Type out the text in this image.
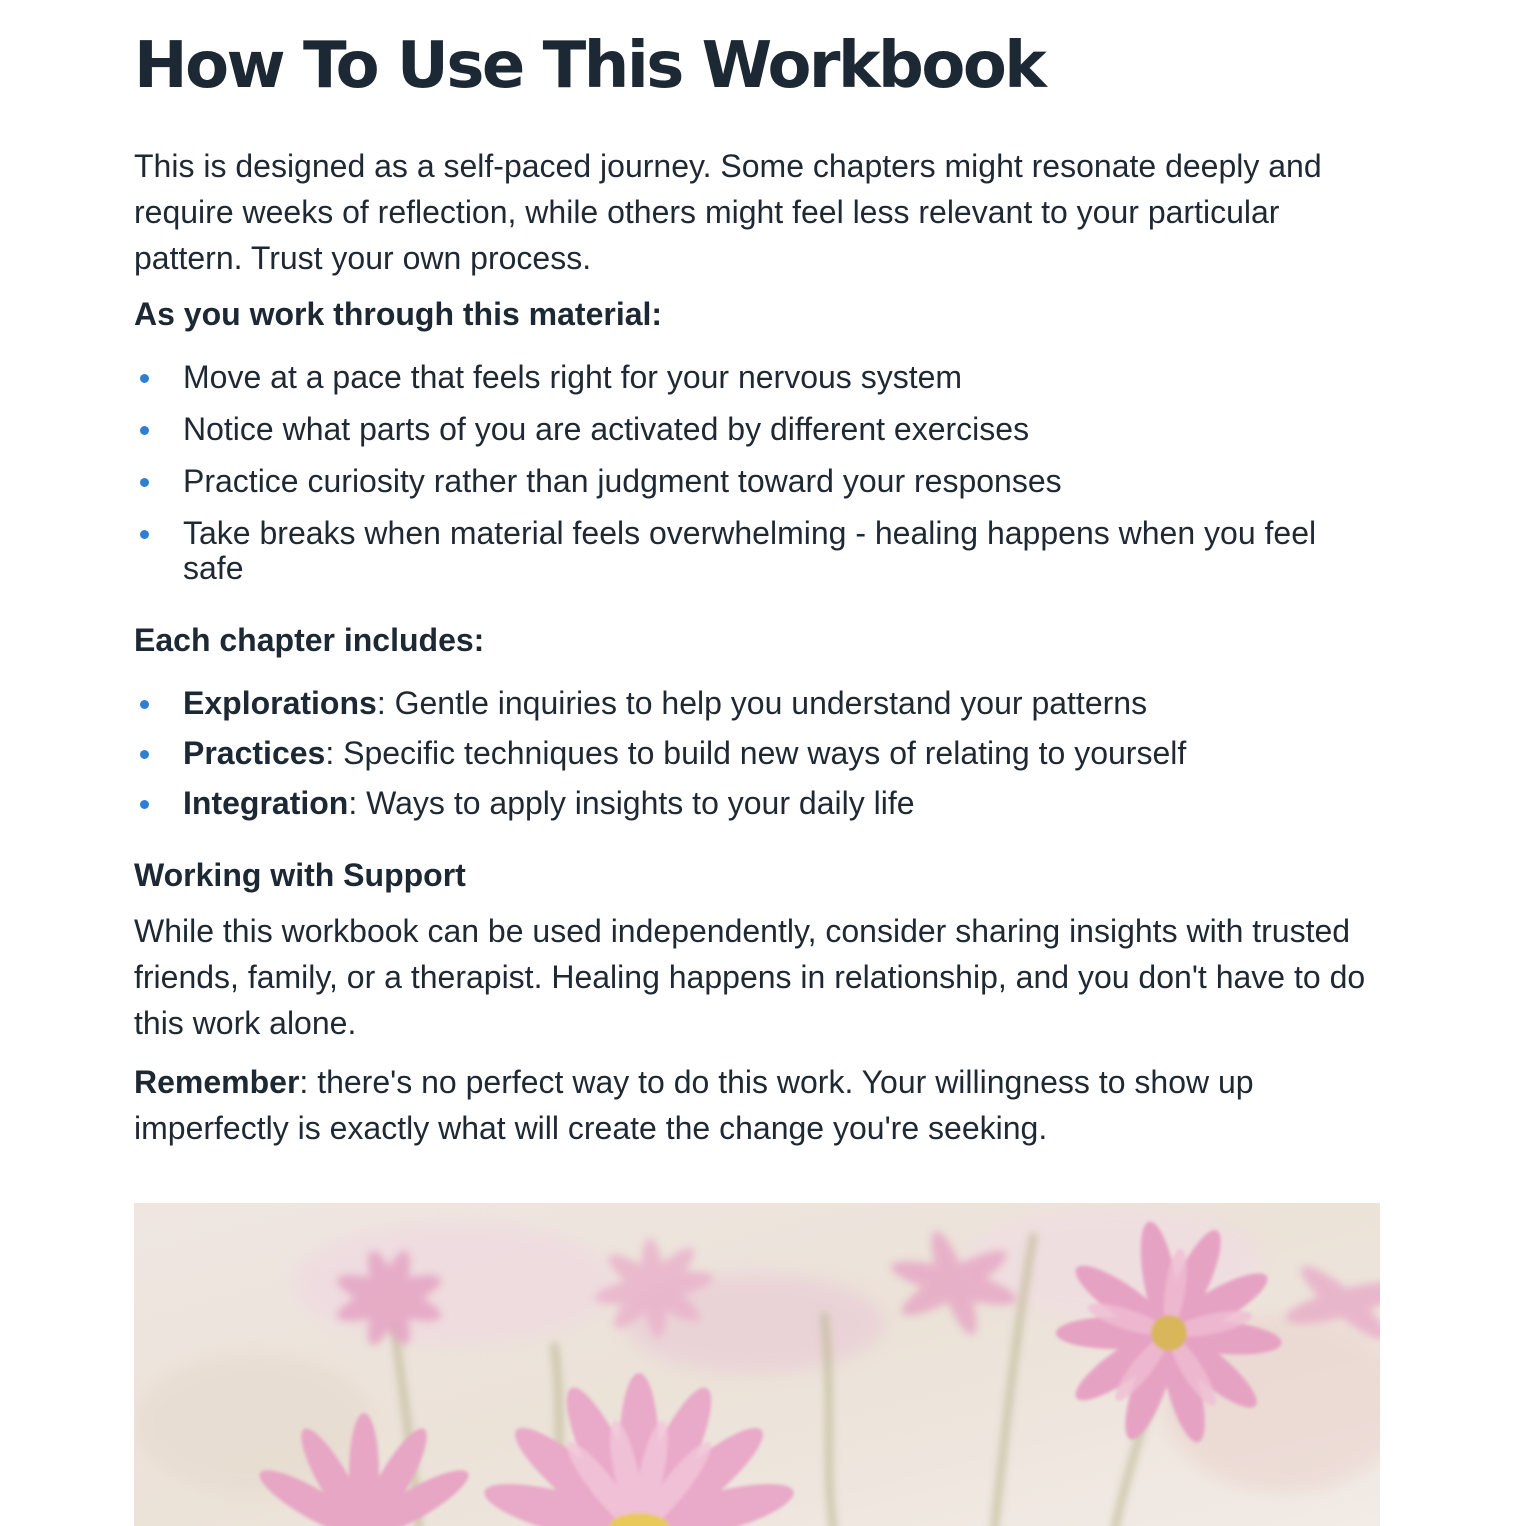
How To Use This Workbook

This is designed as a self-paced journey. Some chapters might resonate deeply and require weeks of reflection, while others might feel less relevant to your particular pattern. Trust your own process.

As you work through this material:
Move at a pace that feels right for your nervous system
Notice what parts of you are activated by different exercises
Practice curiosity rather than judgment toward your responses
Take breaks when material feels overwhelming - healing happens when you feel safe
Each chapter includes:
Explorations: Gentle inquiries to help you understand your patterns
Practices: Specific techniques to build new ways of relating to yourself
Integration: Ways to apply insights to your daily life
Working with Support

While this workbook can be used independently, consider sharing insights with trusted friends, family, or a therapist. Healing happens in relationship, and you don't have to do this work alone.

Remember: there's no perfect way to do this work. Your willingness to show up imperfectly is exactly what will create the change you're seeking.
